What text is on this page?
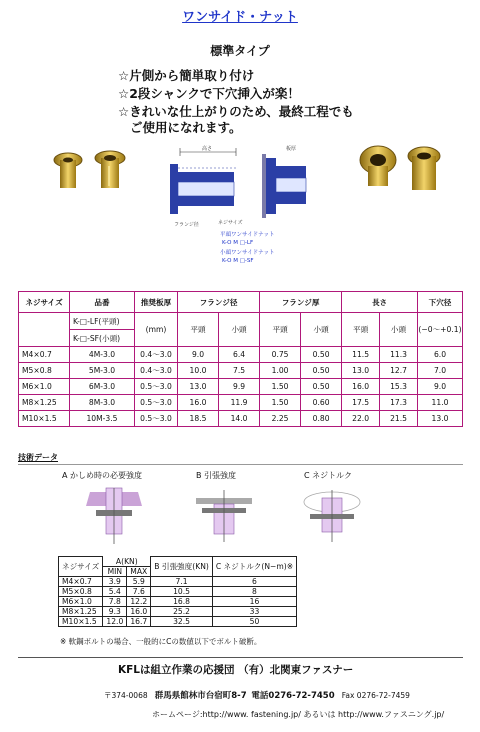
ワンサイド・ナット
標準タイプ
☆片側から簡単取り付け
☆2段シャンクで下穴挿入が楽！
☆きれいな仕上がりのため、最終工程でも
ご使用になれます。
フランジ径
高さ	板厚
ネジサイズ
平頭ワンサイドナット
K-O M □-LF
小頭ワンサイドナット
K-O M □-SF
ネジサイズ	品番	推奨板厚	フランジ径		フランジ厚		長さ		下穴径
	K-□-LF(平頭)	(mm)	平頭	小頭	平頭	小頭	平頭	小頭	(−0〜+0.1)
	K-□-SF(小頭)								
M4×0.7	4M-3.0	0.4〜3.0	9.0	6.4	0.75	0.50	11.5	11.3	6.0
M5×0.8	5M-3.0	0.4〜3.0	10.0	7.5	1.00	0.50	13.0	12.7	7.0
M6×1.0	6M-3.0	0.5〜3.0	13.0	9.9	1.50	0.50	16.0	15.3	9.0
M8×1.25	8M-3.0	0.5〜3.0	16.0	11.9	1.50	0.60	17.5	17.3	11.0
M10×1.5	10M-3.5	0.5〜3.0	18.5	14.0	2.25	0.80	22.0	21.5	13.0
技術データ
A かしめ時の必要強度	B 引張強度	C ネジトルク
ネジサイズ	A(KN)		B 引張強度(KN)	C ネジトルク(N−m)※
	MIN	MAX		
M4×0.7	3.9	5.9	7.1	6
M5×0.8	5.4	7.6	10.5	8
M6×1.0	7.8	12.2	16.8	16
M8×1.25	9.3	16.0	25.2	33
M10×1.5	12.0	16.7	32.5	50
※ 軟鋼ボルトの場合、一般的にCの数値以下でボルト破断。
KFLは組立作業の応援団 （有）北関東ファスナー
〒374-0068 群馬県館林市台宿町8-7 電話0276-72-7450 Fax 0276-72-7459
ホームページ:http://www. fastening.jp/ あるいは http://www.ファスニング.jp/
